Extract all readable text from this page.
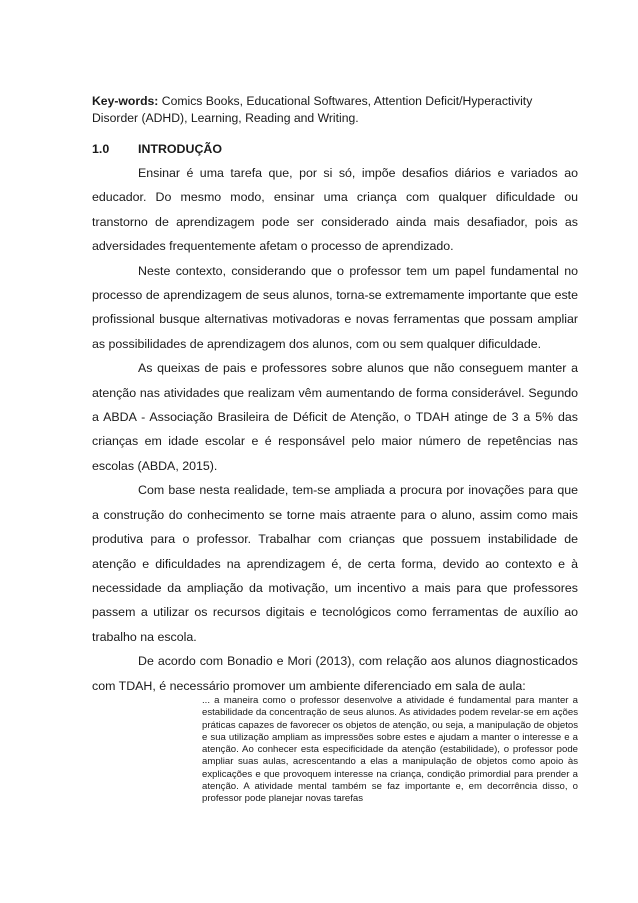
Key-words: Comics Books, Educational Softwares, Attention Deficit/Hyperactivity Disorder (ADHD), Learning, Reading and Writing.

1.0 INTRODUÇÃO

Ensinar é uma tarefa que, por si só, impõe desafios diários e variados ao educador. Do mesmo modo, ensinar uma criança com qualquer dificuldade ou transtorno de aprendizagem pode ser considerado ainda mais desafiador, pois as adversidades frequentemente afetam o processo de aprendizado.

Neste contexto, considerando que o professor tem um papel fundamental no processo de aprendizagem de seus alunos, torna-se extremamente importante que este profissional busque alternativas motivadoras e novas ferramentas que possam ampliar as possibilidades de aprendizagem dos alunos, com ou sem qualquer dificuldade.

As queixas de pais e professores sobre alunos que não conseguem manter a atenção nas atividades que realizam vêm aumentando de forma considerável. Segundo a ABDA - Associação Brasileira de Déficit de Atenção, o TDAH atinge de 3 a 5% das crianças em idade escolar e é responsável pelo maior número de repetências nas escolas (ABDA, 2015).

Com base nesta realidade, tem-se ampliada a procura por inovações para que a construção do conhecimento se torne mais atraente para o aluno, assim como mais produtiva para o professor. Trabalhar com crianças que possuem instabilidade de atenção e dificuldades na aprendizagem é, de certa forma, devido ao contexto e à necessidade da ampliação da motivação, um incentivo a mais para que professores passem a utilizar os recursos digitais e tecnológicos como ferramentas de auxílio ao trabalho na escola.

De acordo com Bonadio e Mori (2013), com relação aos alunos diagnosticados com TDAH, é necessário promover um ambiente diferenciado em sala de aula:

... a maneira como o professor desenvolve a atividade é fundamental para manter a estabilidade da concentração de seus alunos. As atividades podem revelar-se em ações práticas capazes de favorecer os objetos de atenção, ou seja, a manipulação de objetos e sua utilização ampliam as impressões sobre estes e ajudam a manter o interesse e a atenção. Ao conhecer esta especificidade da atenção (estabilidade), o professor pode ampliar suas aulas, acrescentando a elas a manipulação de objetos como apoio às explicações e que provoquem interesse na criança, condição primordial para prender a atenção. A atividade mental também se faz importante e, em decorrência disso, o professor pode planejar novas tarefas
